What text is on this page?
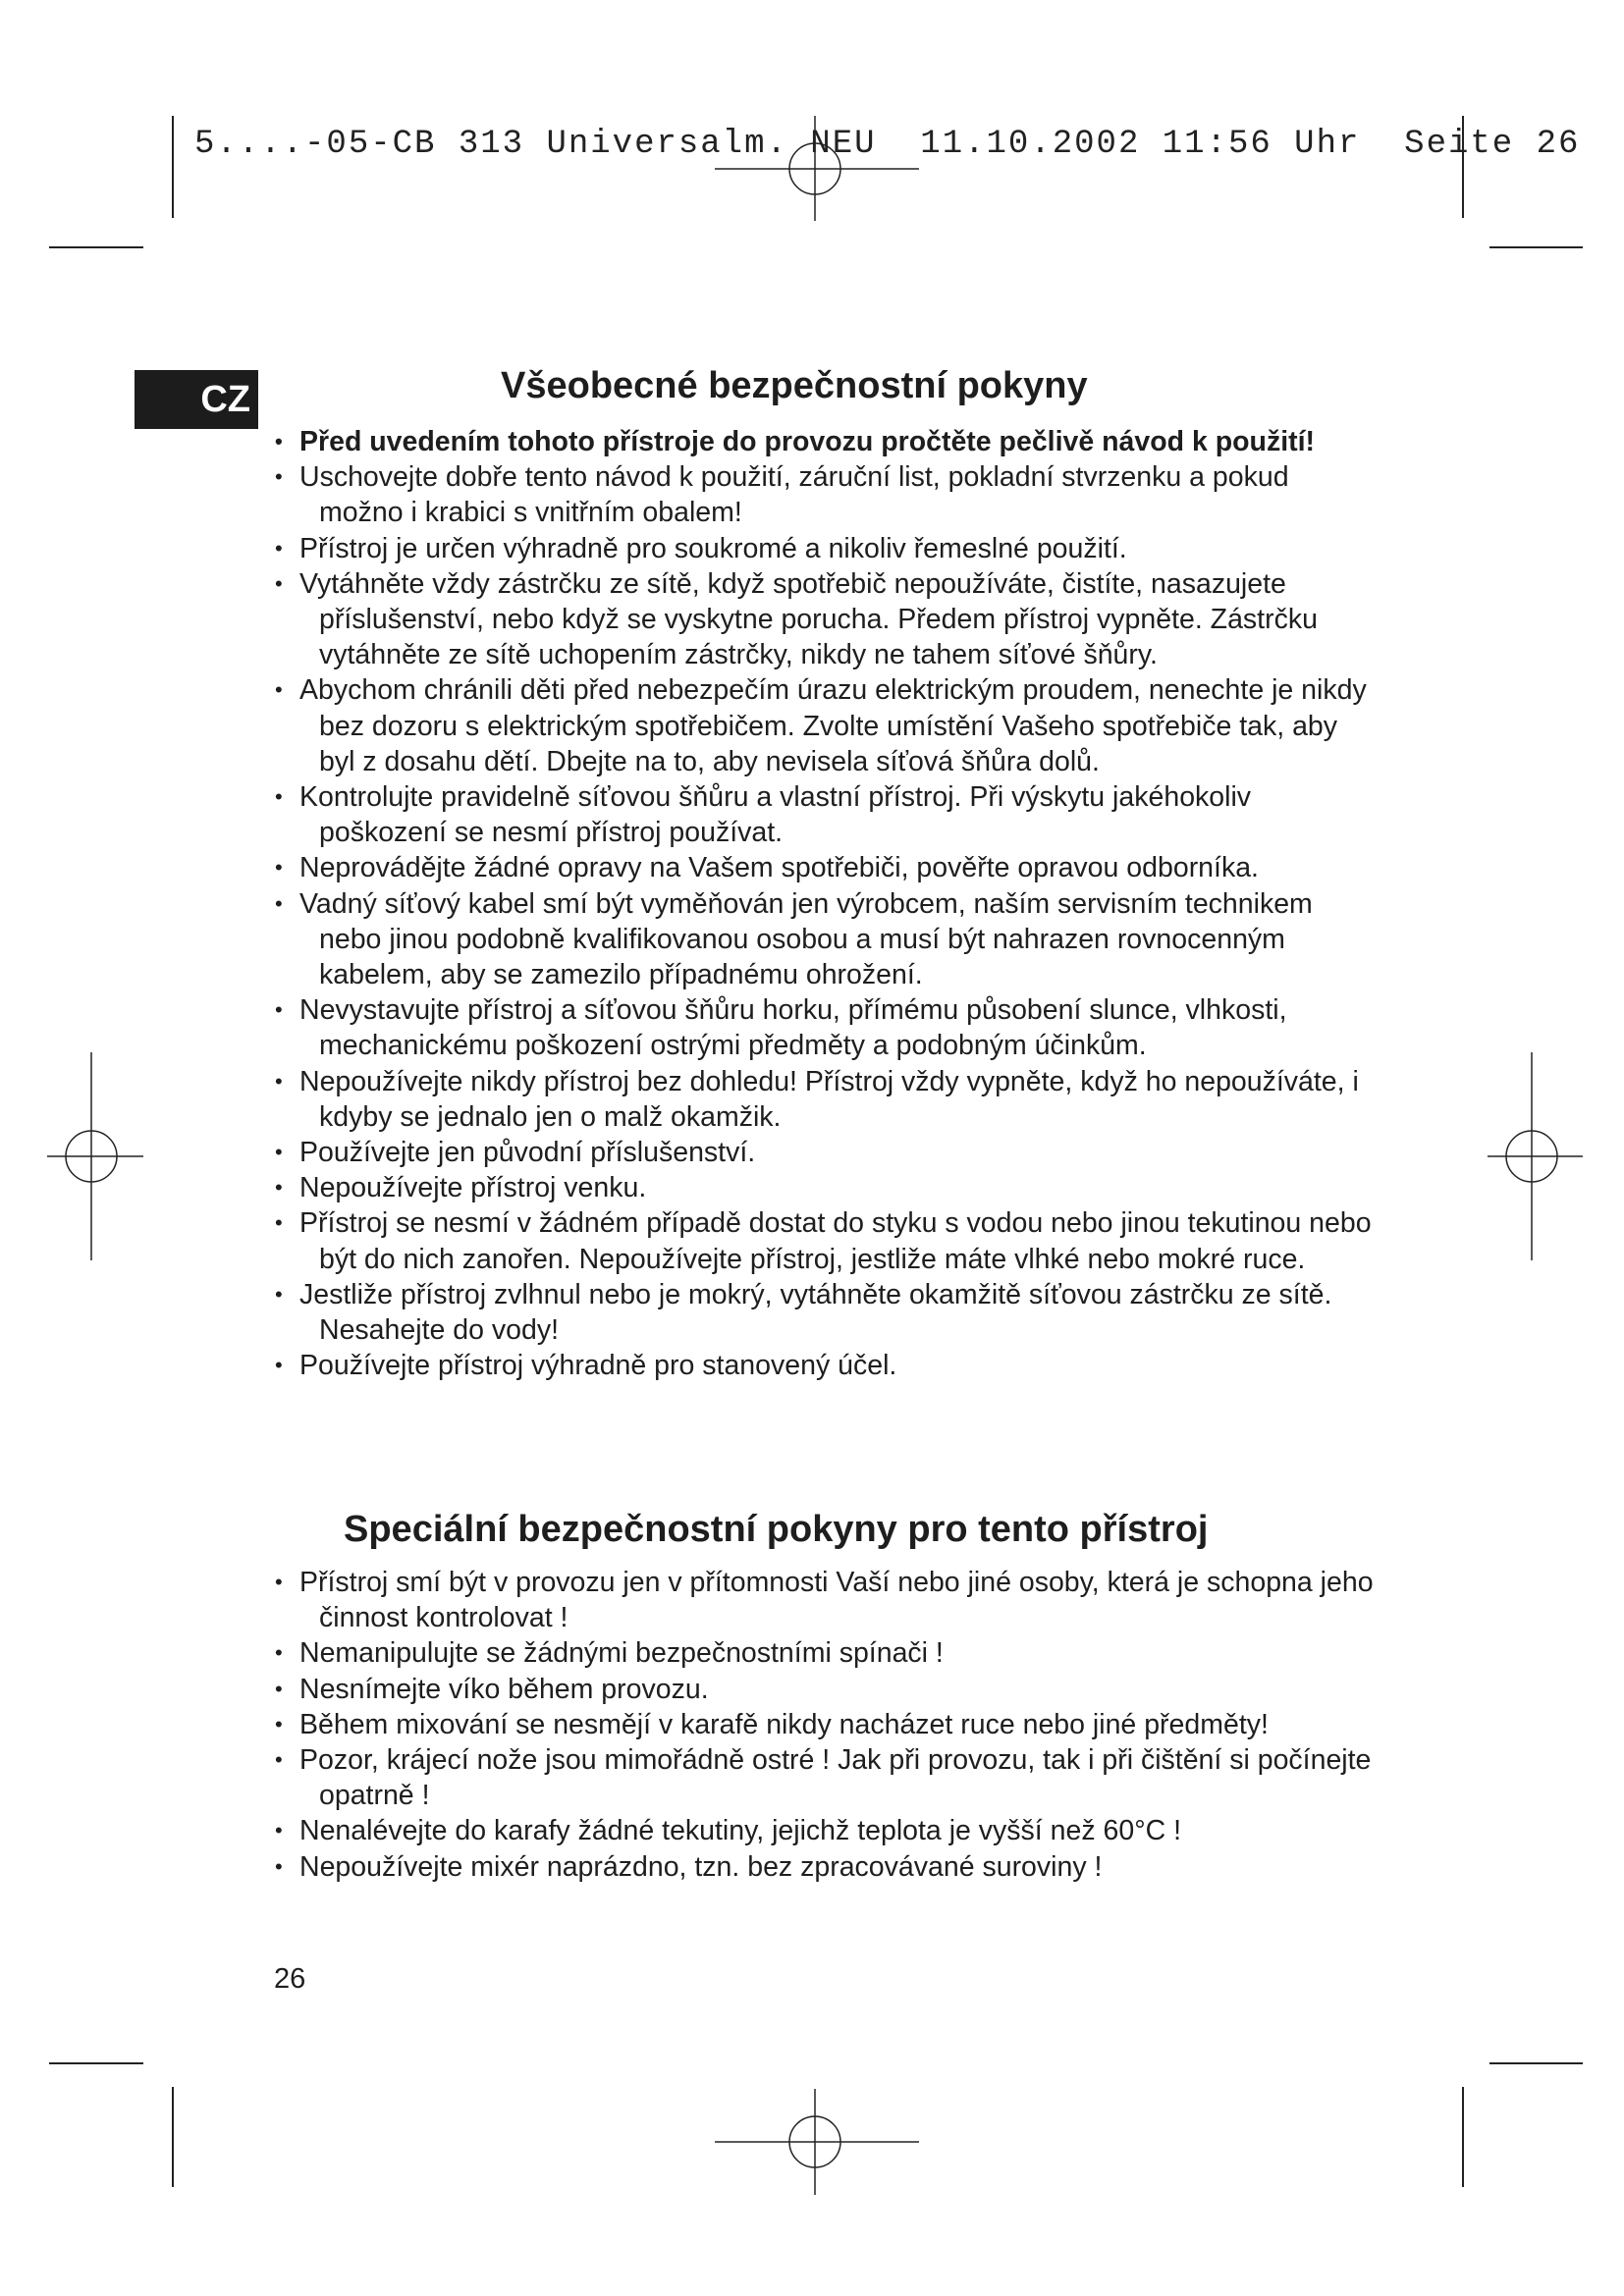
5....-05-CB 313 Universalm. NEU  11.10.2002 11:56 Uhr  Seite 26
CZ	Všeobecné bezpečnostní pokyny
• Před uvedením tohoto přístroje do provozu pročtěte pečlivě návod k použití!
• Uschovejte dobře tento návod k použití, záruční list, pokladní stvrzenku a pokud možno i krabici s vnitřním obalem!
• Přístroj je určen výhradně pro soukromé a nikoliv řemeslné použití.
• Vytáhněte vždy zástrčku ze sítě, když spotřebič nepoužíváte, čistíte, nasazujete příslušenství, nebo když se vyskytne porucha. Předem přístroj vypněte. Zástrčku vytáhněte ze sítě uchopením zástrčky, nikdy ne tahem síťové šňůry.
• Abychom chránili děti před nebezpečím úrazu elektrickým proudem, nenechte je nikdy bez dozoru s elektrickým spotřebičem. Zvolte umístění Vašeho spotřebiče tak, aby byl z dosahu dětí. Dbejte na to, aby nevisela síťová šňůra dolů.
• Kontrolujte pravidelně síťovou šňůru a vlastní přístroj. Při výskytu jakéhokoliv poškození se nesmí přístroj používat.
• Neprovádějte žádné opravy na Vašem spotřebiči, pověřte opravou odborníka.
• Vadný síťový kabel smí být vyměňován jen výrobcem, naším servisním technikem nebo jinou podobně kvalifikovanou osobou a musí být nahrazen rovnocenným kabelem, aby se zamezilo případnému ohrožení.
• Nevystavujte přístroj a síťovou šňůru horku, přímému působení slunce, vlhkosti, mechanickému poškození ostrými předměty a podobným účinkům.
• Nepoužívejte nikdy přístroj bez dohledu! Přístroj vždy vypněte, když ho nepoužíváte, i kdyby se jednalo jen o malž okamžik.
• Používejte jen původní příslušenství.
• Nepoužívejte přístroj venku.
• Přístroj se nesmí v žádném případě dostat do styku s vodou nebo jinou tekutinou nebo být do nich zanořen. Nepoužívejte přístroj, jestliže máte vlhké nebo mokré ruce.
• Jestliže přístroj zvlhnul nebo je mokrý, vytáhněte okamžitě síťovou zástrčku ze sítě. Nesahejte do vody!
• Používejte přístroj výhradně pro stanovený účel.
Speciální bezpečnostní pokyny pro tento přístroj
• Přístroj smí být v provozu jen v přítomnosti Vaší nebo jiné osoby, která je schopna jeho činnost kontrolovat !
• Nemanipulujte se žádnými bezpečnostními spínači !
• Nesnímejte víko během provozu.
• Během mixování se nesmějí v karafě nikdy nacházet ruce nebo jiné předměty!
• Pozor, krájecí nože jsou mimořádně ostré ! Jak při provozu, tak i při čištění si počínejte opatrně !
• Nenalévejte do karafy žádné tekutiny, jejichž teplota je vyšší než 60°C !
• Nepoužívejte mixér naprázdno, tzn. bez zpracovávané suroviny !
26
